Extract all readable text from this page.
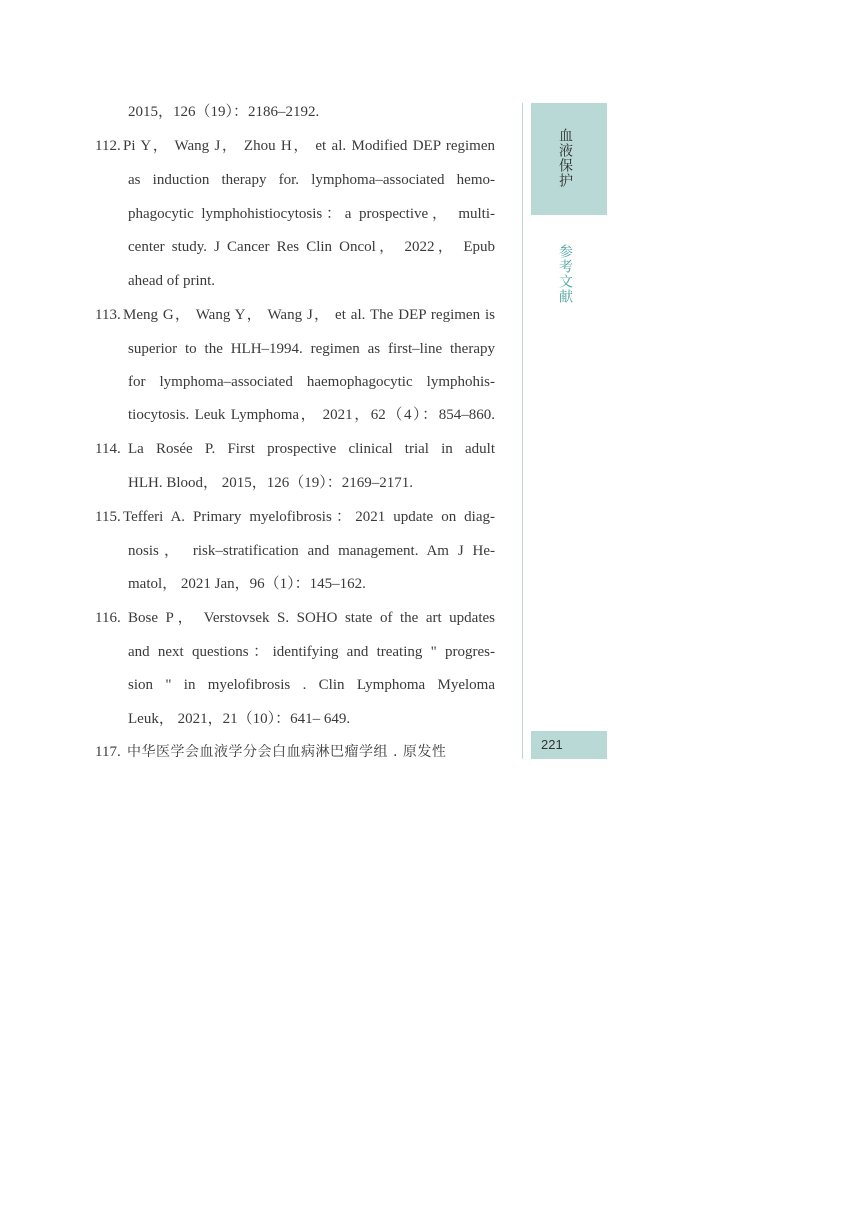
2015，126（19）：2186–2192.
112. Pi Y， Wang J， Zhou H， et al. Modified DEP regimen
as induction therapy for. lymphoma–associated hemo-
phagocytic lymphohistiocytosis：a prospective， multi-
center study. J Cancer Res Clin Oncol， 2022， Epub
ahead of print.
113. Meng G， Wang Y， Wang J， et al. The DEP regimen is
superior to the HLH–1994. regimen as first–line therapy
for lymphoma–associated haemophagocytic lymphohis-
tiocytosis. Leuk Lymphoma， 2021，62（4）：854–860.
114. La Rosée P. First prospective clinical trial in adult
HLH. Blood， 2015，126（19）：2169–2171.
115. Tefferi A. Primary myelofibrosis：2021 update on diag-
nosis， risk–stratification and management. Am J He-
matol， 2021 Jan，96（1）：145–162.
116. Bose P， Verstovsek S. SOHO state of the art updates
and next questions：identifying and treating " progres-
sion " in myelofibrosis . Clin Lymphoma Myeloma
Leuk， 2021，21（10）：641– 649.
117. 中华医学会血液学分会白血病淋巴瘤学组 . 原发性
血液保护
参考文献
221
